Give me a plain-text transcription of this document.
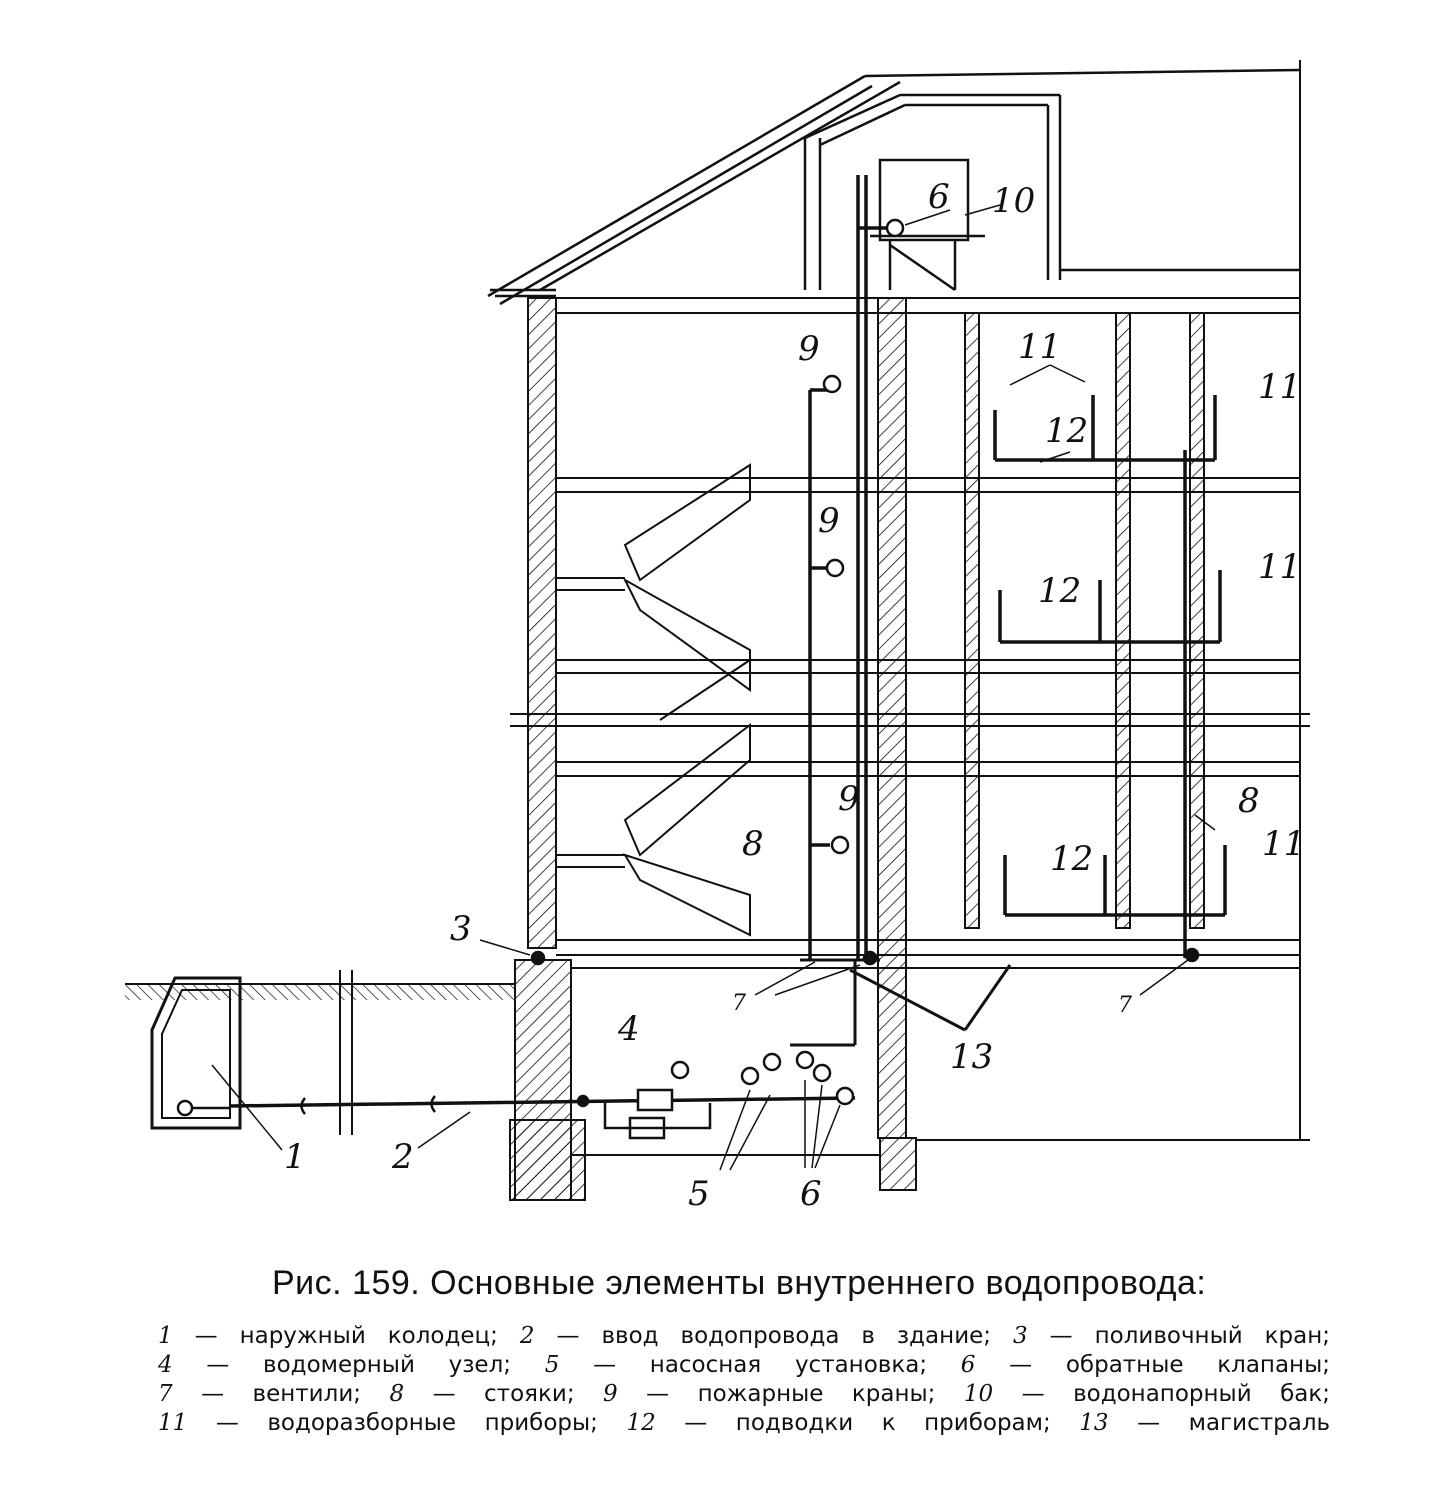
1	2
3
4
5	6
6
7	7
8
8
9
9
9
10
11
11
11
11
12
12
12
13
Рис. 159. Основные элементы внутреннего водопровода:
1 — наружный колодец; 2 — ввод водопровода в здание; 3 — поливочный кран;
4 — водомерный узел; 5 — насосная установка; 6 — обратные клапаны;
7 — вентили; 8 — стояки; 9 — пожарные краны; 10 — водонапорный бак;
11 — водоразборные приборы; 12 — подводки к приборам; 13 — магистраль
